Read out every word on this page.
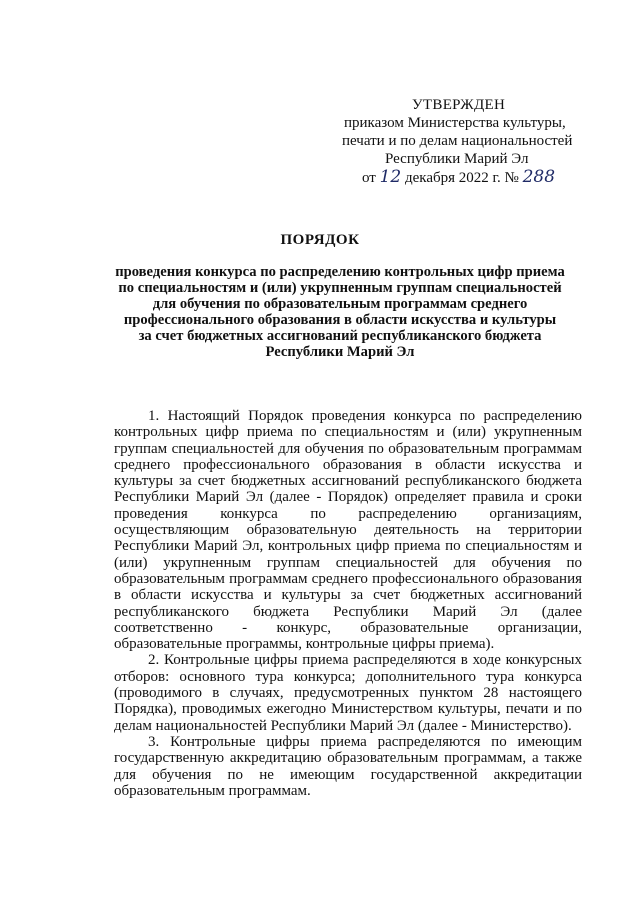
УТВЕРЖДЕН
приказом Министерства культуры,
печати и по делам национальностей
Республики Марий Эл
от 12 декабря 2022 г. № 288
ПОРЯДОК
проведения конкурса по распределению контрольных цифр приема
по специальностям и (или) укрупненным группам специальностей
для обучения по образовательным программам среднего
профессионального образования в области искусства и культуры
за счет бюджетных ассигнований республиканского бюджета
Республики Марий Эл

1. Настоящий Порядок проведения конкурса по распределению контрольных цифр приема по специальностям и (или) укрупненным группам специальностей для обучения по образовательным программам среднего профессионального образования в области искусства и культуры за счет бюджетных ассигнований республиканского бюджета Республики Марий Эл (далее - Порядок) определяет правила и сроки проведения конкурса по распределению организациям, осуществляющим образовательную деятельность на территории Республики Марий Эл, контрольных цифр приема по специальностям и (или) укрупненным группам специальностей для обучения по образовательным программам среднего профессионального образования в области искусства и культуры за счет бюджетных ассигнований республиканского бюджета Республики Марий Эл (далее соответственно - конкурс, образовательные организации, образовательные программы, контрольные цифры приема).

2. Контрольные цифры приема распределяются в ходе конкурсных отборов: основного тура конкурса; дополнительного тура конкурса (проводимого в случаях, предусмотренных пунктом 28 настоящего Порядка), проводимых ежегодно Министерством культуры, печати и по делам национальностей Республики Марий Эл (далее - Министерство).

3. Контрольные цифры приема распределяются по имеющим государственную аккредитацию образовательным программам, а также для обучения по не имеющим государственной аккредитации образовательным программам.
